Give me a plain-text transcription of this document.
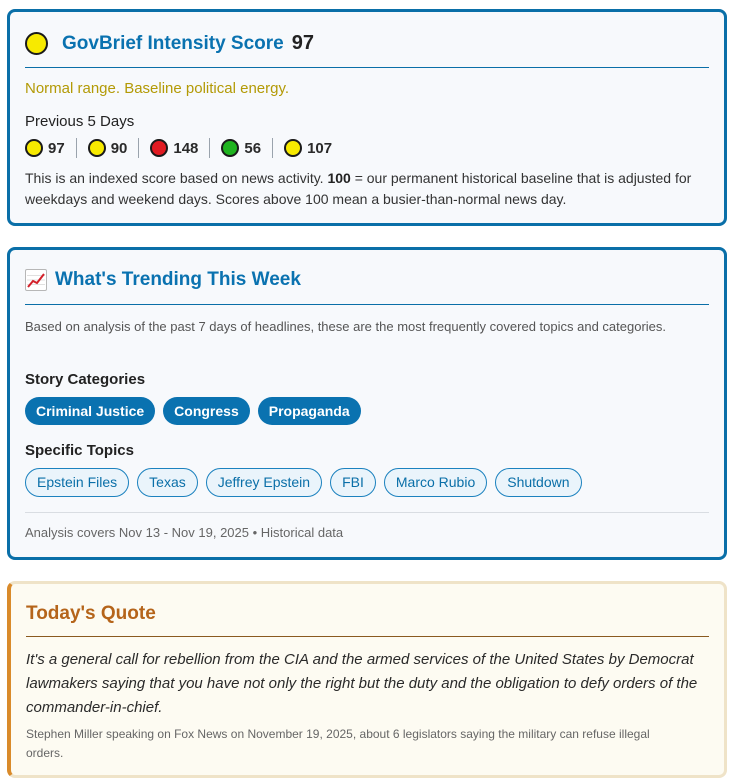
GovBrief Intensity Score 97
Normal range. Baseline political energy.
Previous 5 Days
97	90	148	56	107

This is an indexed score based on news activity. 100 = our permanent historical baseline that is adjusted for weekdays and weekend days. Scores above 100 mean a busier-than-normal news day.

What's Trending This Week

Based on analysis of the past 7 days of headlines, these are the most frequently covered topics and categories.

Story Categories
Criminal Justice	Congress	Propaganda
Specific Topics
Epstein Files	Texas	Jeffrey Epstein	FBI	Marco Rubio	Shutdown
Analysis covers Nov 13 - Nov 19, 2025 • Historical data
Today's Quote

It's a general call for rebellion from the CIA and the armed services of the United States by Democrat lawmakers saying that you have not only the right but the duty and the obligation to defy orders of the commander-in-chief.

Stephen Miller speaking on Fox News on November 19, 2025, about 6 legislators saying the military can refuse illegal orders.
